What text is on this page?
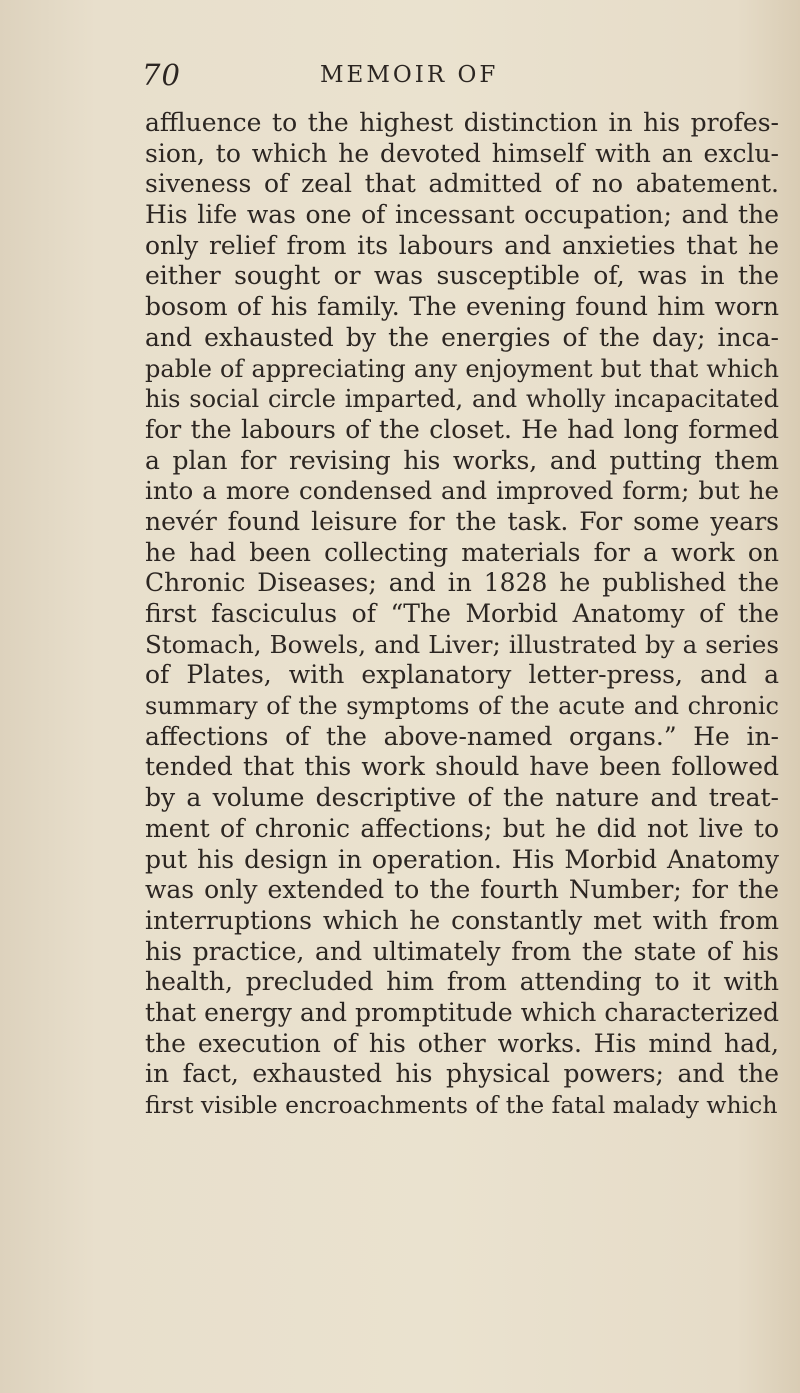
70	MEMOIR OF
affluence to the highest distinction in his profes-
sion, to which he devoted himself with an exclu-
siveness of zeal that admitted of no abatement.
His life was one of incessant occupation; and the
only relief from its labours and anxieties that he
either sought or was susceptible of, was in the
bosom of his family. The evening found him worn
and exhausted by the energies of the day; inca-
pable of appreciating any enjoyment but that which
his social circle imparted, and wholly incapacitated
for the labours of the closet. He had long formed
a plan for revising his works, and putting them
into a more condensed and improved form; but he
nevér found leisure for the task. For some years
he had been collecting materials for a work on
Chronic Diseases; and in 1828 he published the
first fasciculus of “The Morbid Anatomy of the
Stomach, Bowels, and Liver; illustrated by a series
of Plates, with explanatory letter-press, and a
summary of the symptoms of the acute and chronic
affections of the above-named organs.” He in-
tended that this work should have been followed
by a volume descriptive of the nature and treat-
ment of chronic affections; but he did not live to
put his design in operation. His Morbid Anatomy
was only extended to the fourth Number; for the
interruptions which he constantly met with from
his practice, and ultimately from the state of his
health, precluded him from attending to it with
that energy and promptitude which characterized
the execution of his other works. His mind had,
in fact, exhausted his physical powers; and the
first visible encroachments of the fatal malady which
